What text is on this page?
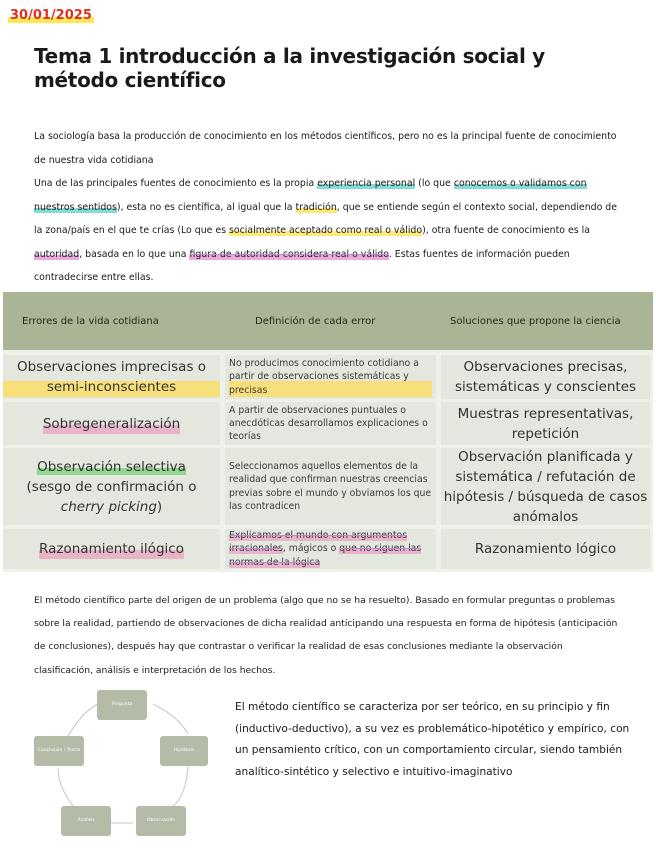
30/01/2025
Tema 1 introducción a la investigación social y método científico

La sociología basa la producción de conocimiento en los métodos científicos, pero no es la principal fuente de conocimiento de nuestra vida cotidiana

Una de las principales fuentes de conocimiento es la propia experiencia personal (lo que conocemos o validamos con nuestros sentidos), esta no es científica, al igual que la tradición, que se entiende según el contexto social, dependiendo de la zona/país en el que te crías (Lo que es socialmente aceptado como real o válido), otra fuente de conocimiento es la autoridad, basada en lo que una figura de autoridad considera real o válido. Estas fuentes de información pueden contradecirse entre ellas.

Errores de la vida cotidiana	Definición de cada error	Soluciones que propone la ciencia
Observaciones imprecisas o semi-inconscientes
No producimos conocimiento cotidiano a partir de observaciones sistemáticas y precisas
Observaciones precisas, sistemáticas y conscientes
Sobregeneralización
A partir de observaciones puntuales o anecdóticas desarrollamos explicaciones o teorías
Muestras representativas, repetición
Observación selectiva
(sesgo de confirmación o cherry picking)
Seleccionamos aquellos elementos de la realidad que confirman nuestras creencias previas sobre el mundo y obviamos los que las contradicen
Observación planificada y sistemática / refutación de hipótesis / búsqueda de casos anómalos
Razonamiento ilógico
Explicamos el mundo con argumentos irracionales, mágicos o que no siguen las normas de la lógica
Razonamiento lógico

El método científico parte del origen de un problema (algo que no se ha resuelto). Basado en formular preguntas o problemas sobre la realidad, partiendo de observaciones de dicha realidad anticipando una respuesta en forma de hipótesis (anticipación de conclusiones), después hay que contrastar o verificar la realidad de esas conclusiones mediante la observación clasificación, análisis e interpretación de los hechos.

Pregunta
Hipótesis
Observación
Análisis
Conclusión / Teoría

El método científico se caracteriza por ser teórico, en su principio y fin (inductivo-deductivo), a su vez es problemático-hipotético y empírico, con un pensamiento crítico, con un comportamiento circular, siendo también analítico-sintético y selectivo e intuitivo-imaginativo
